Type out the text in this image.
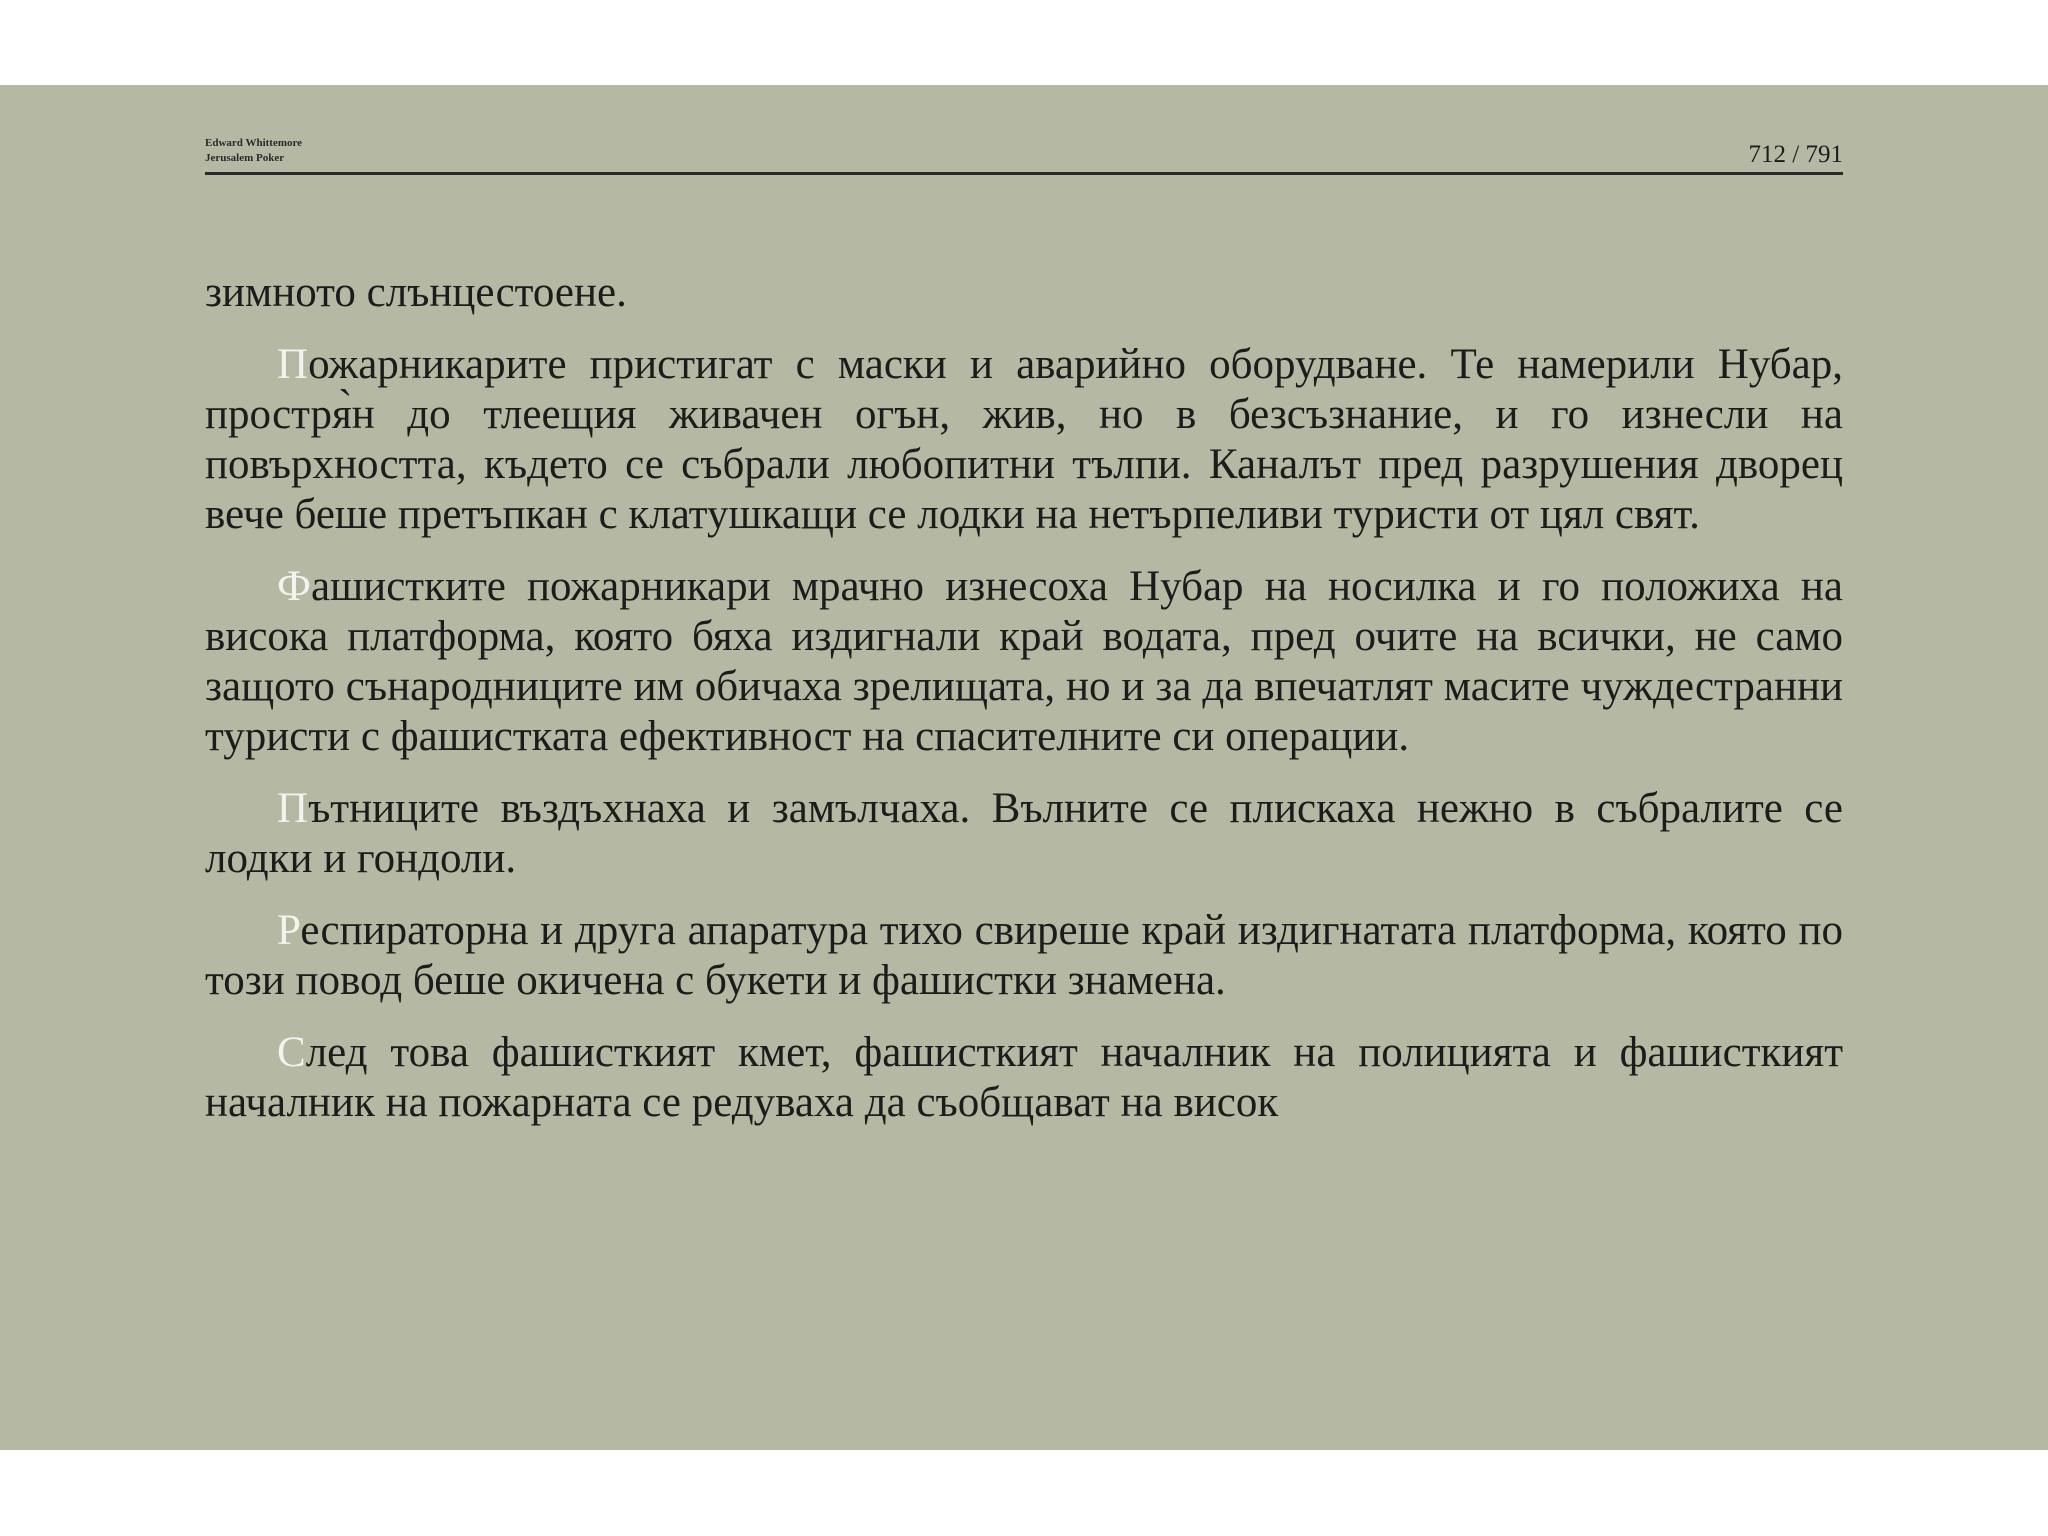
Edward Whittemore
Jerusalem Poker	712 / 791

зимното слънцестоене.

Пожарникарите пристигат с маски и аварийно оборудване. Те намерили Нубар, простря̀н до тлеещия живачен огън, жив, но в безсъзнание, и го изнесли на повърхността, където се събрали любопитни тълпи. Каналът пред разрушения дворец вече беше претъпкан с клатушкащи се лодки на нетърпеливи туристи от цял свят.

Фашистките пожарникари мрачно изнесоха Нубар на носилка и го положиха на висока платформа, която бяха издигнали край водата, пред очите на всички, не само защото сънародниците им обичаха зрелищата, но и за да впечатлят масите чуждестранни туристи с фашистката ефективност на спасителните си операции.

Пътниците въздъхнаха и замълчаха. Вълните се плискаха нежно в събралите се лодки и гондоли.

Респираторна и друга апаратура тихо свиреше край издигнатата платформа, която по този повод беше окичена с букети и фашистки знамена.

След това фашисткият кмет, фашисткият началник на полицията и фашисткият началник на пожарната се редуваха да съобщават на висок
